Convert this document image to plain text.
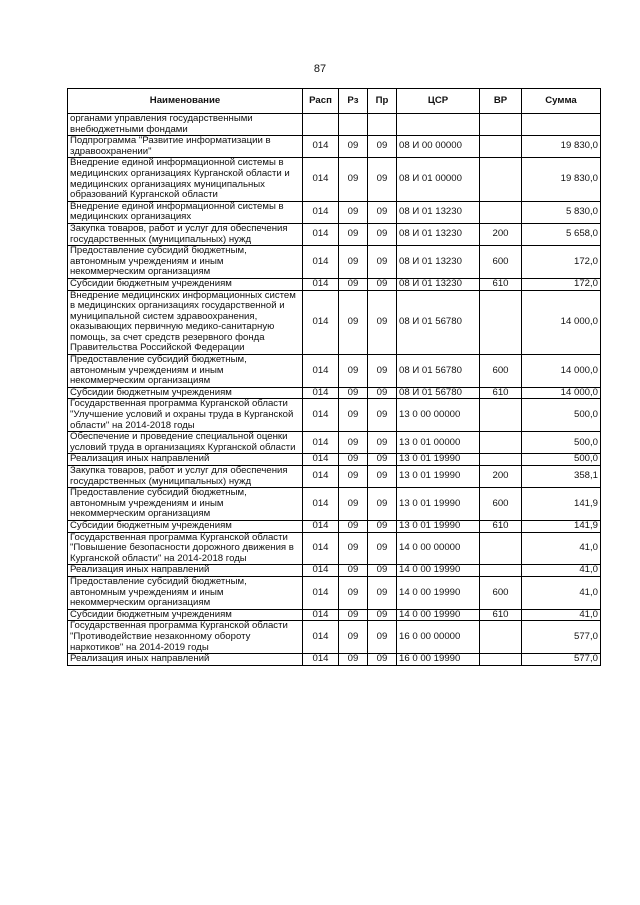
87
Наименование	Расп	Рз	Пр	ЦСР	ВР	Сумма
органами управления государственными внебюджетными фондами						
Подпрограмма "Развитие информатизации в здравоохранении"	014	09	09	08 И 00 00000		19 830,0
Внедрение единой информационной системы в медицинских организациях Курганской области и медицинских организациях муниципальных образований Курганской области	014	09	09	08 И 01 00000		19 830,0
Внедрение единой информационной системы в медицинских организациях	014	09	09	08 И 01 13230		5 830,0
Закупка товаров, работ и услуг для обеспечения государственных (муниципальных) нужд	014	09	09	08 И 01 13230	200	5 658,0
Предоставление субсидий бюджетным, автономным учреждениям и иным некоммерческим организациям	014	09	09	08 И 01 13230	600	172,0
Субсидии бюджетным учреждениям	014	09	09	08 И 01 13230	610	172,0
Внедрение медицинских информационных систем в медицинских организациях государственной и муниципальной систем здравоохранения, оказывающих первичную медико-санитарную помощь, за счет средств резервного фонда Правительства Российской Федерации	014	09	09	08 И 01 56780		14 000,0
Предоставление субсидий бюджетным, автономным учреждениям и иным некоммерческим организациям	014	09	09	08 И 01 56780	600	14 000,0
Субсидии бюджетным учреждениям	014	09	09	08 И 01 56780	610	14 000,0
Государственная программа Курганской области "Улучшение условий и охраны труда в Курганской области" на 2014-2018 годы	014	09	09	13 0 00 00000		500,0
Обеспечение и проведение специальной оценки условий труда в организациях Курганской области	014	09	09	13 0 01 00000		500,0
Реализация иных направлений	014	09	09	13 0 01 19990		500,0
Закупка товаров, работ и услуг для обеспечения государственных (муниципальных) нужд	014	09	09	13 0 01 19990	200	358,1
Предоставление субсидий бюджетным, автономным учреждениям и иным некоммерческим организациям	014	09	09	13 0 01 19990	600	141,9
Субсидии бюджетным учреждениям	014	09	09	13 0 01 19990	610	141,9
Государственная программа Курганской области "Повышение безопасности дорожного движения в Курганской области" на 2014-2018 годы	014	09	09	14 0 00 00000		41,0
Реализация иных направлений	014	09	09	14 0 00 19990		41,0
Предоставление субсидий бюджетным, автономным учреждениям и иным некоммерческим организациям	014	09	09	14 0 00 19990	600	41,0
Субсидии бюджетным учреждениям	014	09	09	14 0 00 19990	610	41,0
Государственная программа Курганской области "Противодействие незаконному обороту наркотиков" на 2014-2019 годы	014	09	09	16 0 00 00000		577,0
Реализация иных направлений	014	09	09	16 0 00 19990		577,0
